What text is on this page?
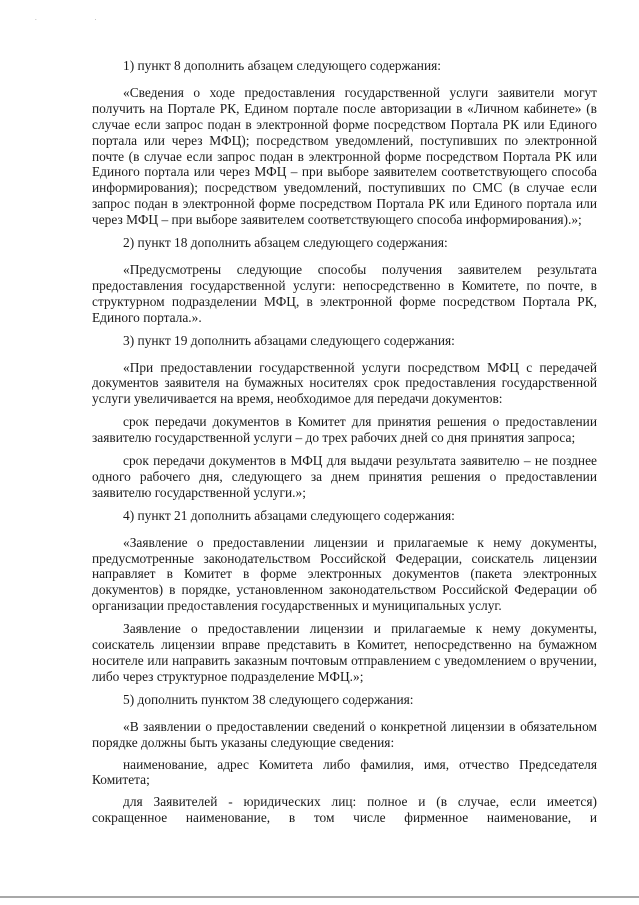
. .

1) пункт 8 дополнить абзацем следующего содержания:

«Сведения о ходе предоставления государственной услуги заявители могут получить на Портале РК, Едином портале после авторизации в «Личном кабинете» (в случае если запрос подан в электронной форме посредством Портала РК или Единого портала или через МФЦ); посредством уведомлений, поступивших по электронной почте (в случае если запрос подан в электронной форме посредством Портала РК или Единого портала или через МФЦ – при выборе заявителем соответствующего способа информирования); посредством уведомлений, поступивших по СМС (в случае если запрос подан в электронной форме посредством Портала РК или Единого портала или через МФЦ – при выборе заявителем соответствующего способа информирования).»;

2) пункт 18 дополнить абзацем следующего содержания:

«Предусмотрены следующие способы получения заявителем результата предоставления государственной услуги: непосредственно в Комитете, по почте, в структурном подразделении МФЦ, в электронной форме посредством Портала РК, Единого портала.».

3) пункт 19 дополнить абзацами следующего содержания:

«При предоставлении государственной услуги посредством МФЦ с передачей документов заявителя на бумажных носителях срок предоставления государственной услуги увеличивается на время, необходимое для передачи документов:

срок передачи документов в Комитет для принятия решения о предоставлении заявителю государственной услуги – до трех рабочих дней со дня принятия запроса;

срок передачи документов в МФЦ для выдачи результата заявителю – не позднее одного рабочего дня, следующего за днем принятия решения о предоставлении заявителю государственной услуги.»;

4) пункт 21 дополнить абзацами следующего содержания:

«Заявление о предоставлении лицензии и прилагаемые к нему документы, предусмотренные законодательством Российской Федерации, соискатель лицензии направляет в Комитет в форме электронных документов (пакета электронных документов) в порядке, установленном законодательством Российской Федерации об организации предоставления государственных и муниципальных услуг.

Заявление о предоставлении лицензии и прилагаемые к нему документы, соискатель лицензии вправе представить в Комитет, непосредственно на бумажном носителе или направить заказным почтовым отправлением с уведомлением о вручении, либо через структурное подразделение МФЦ.»;

5) дополнить пунктом 38 следующего содержания:

«В заявлении о предоставлении сведений о конкретной лицензии в обязательном порядке должны быть указаны следующие сведения:

наименование, адрес Комитета либо фамилия, имя, отчество Председателя Комитета;

для Заявителей - юридических лиц: полное и (в случае, если имеется) сокращенное наименование, в том числе фирменное наименование, и
